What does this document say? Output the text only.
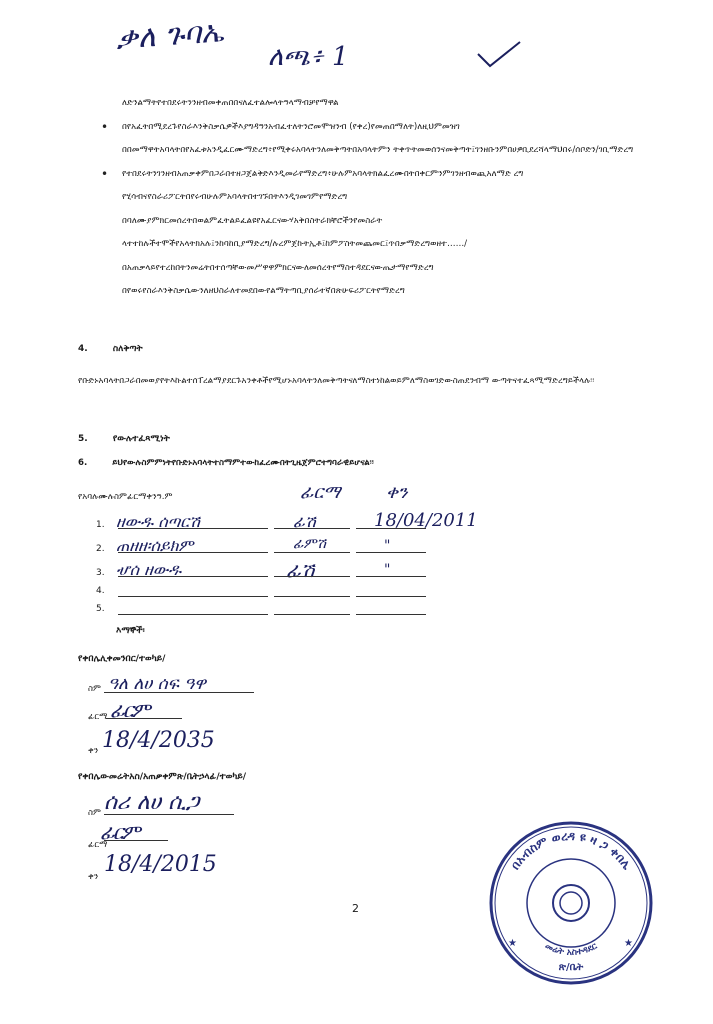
ቃለ ጉባኤ
ለጫ፥ 1
• ለድንልማትየተበደሩትንንዘብመቀጠበበናለፈተልሎላትዓላማብቻየማዋል
• በየአፈትበሚደረጉየስራእንቅስቃሴዎችእያግዳዓንአብፈተለትንሮመሞዝንብ (የቀረ)የመጠበማለት)ለዚህምመዝገ በበመማዋትአባላትበየአፈቱአንዲፈርሙማድረግ፥የሚቀሩአባላትንለመቅጣትበአባላትምን ትቀጥትመወሰንናመቅጣት፤ገንዘቡንምበሀዎቢደረሻላማህበሩ/ሰቦድን/ገቢማድረግ
• የተበደሩትንገንዘብአጠቃቀምበጋራበተዘጋጀልቅድእንዲመራየማድረግ፥ሁሉምአባላትክልፈረሙበትበቀርምንምገንዘብወጪአለማድ ረግ
• የሂሳብናየስራሪፖርትበየሩብሁሉምአባላትበተገኙበትእንዲገመገምየማድረግ
• በባለሙያምክርመሰረትበወልምፈትልይፈልዩየአፈርናውሃአቅበስትራክቸሮችንየመስራት
• ላተተከሉችተሞችየአላትክአሉ፤ንከባከቢያማድረግ/ሉረምጀኩትኢቶ፤ከምፖስትመጨመር፤ጥበቃማድረግወዘተ……/
• በአጠቃላይየተረከበትንመሬትበተሰጣቸውመሥዋዋምክርናውለመሰረትየማስተዳደርናውጤታማየማድረግ
• በየወሩየስራእንቅስቃሴውንለዘህስራለተመደበውየልማትጣቢያሰራተኛበጽሁፍሪፖርትየማድረግ
4.	ስለቅጣት
የቡድኑአባላትበጋራበመወያየትእኩልተሰፐረልማያደርጉአንቀቶችየሚሆኑአባላትንለመቅጣትናለማስተነከልወይምለማስወገድውስጠደንብማ ውጣትናተፈጻሚማድረግይችላሉ፡፡
5.	የውሉተፈጻሚነት
6.	ይህየውሉስምምነትየቡድኑአባላትተስማምተውከፈረሙበትጊዜጀምሮተግባራዊይሆናል፡፡
የአባሉሙሉስምፊርማቀንዓ.ም	ፊርማ	ቀን
1. ዘውዱ ሰጣርሽ	ፊሽ	18/04/2011
2. ጠዘዘ፡ሰይክም	ፊምሽ	"
3. ሇሰ ዘውዱ	ፊሽ	"
4.
5.
እማኞች፡
የቀበሌሊቀመንበር/ተወካይ/
ስም ዓለ ለሀ ሰፍ ዓዋ
ፊርማ ፊርም
ቀን 18/4/2035
የቀበሌውመሬትአስ/አጠቃቀምጽ/ቤትኃላፊ/ተወካይ/
ስም ሰሪ ለሀ ሲጋ
ፊርማ
ፊርም
ቀን 18/4/2015
2
በአብስም ወረዳ ዩ ዛ ጋ ቀበሌ
መሬት አስተዳደር
ጽ/ቤት
★	★
